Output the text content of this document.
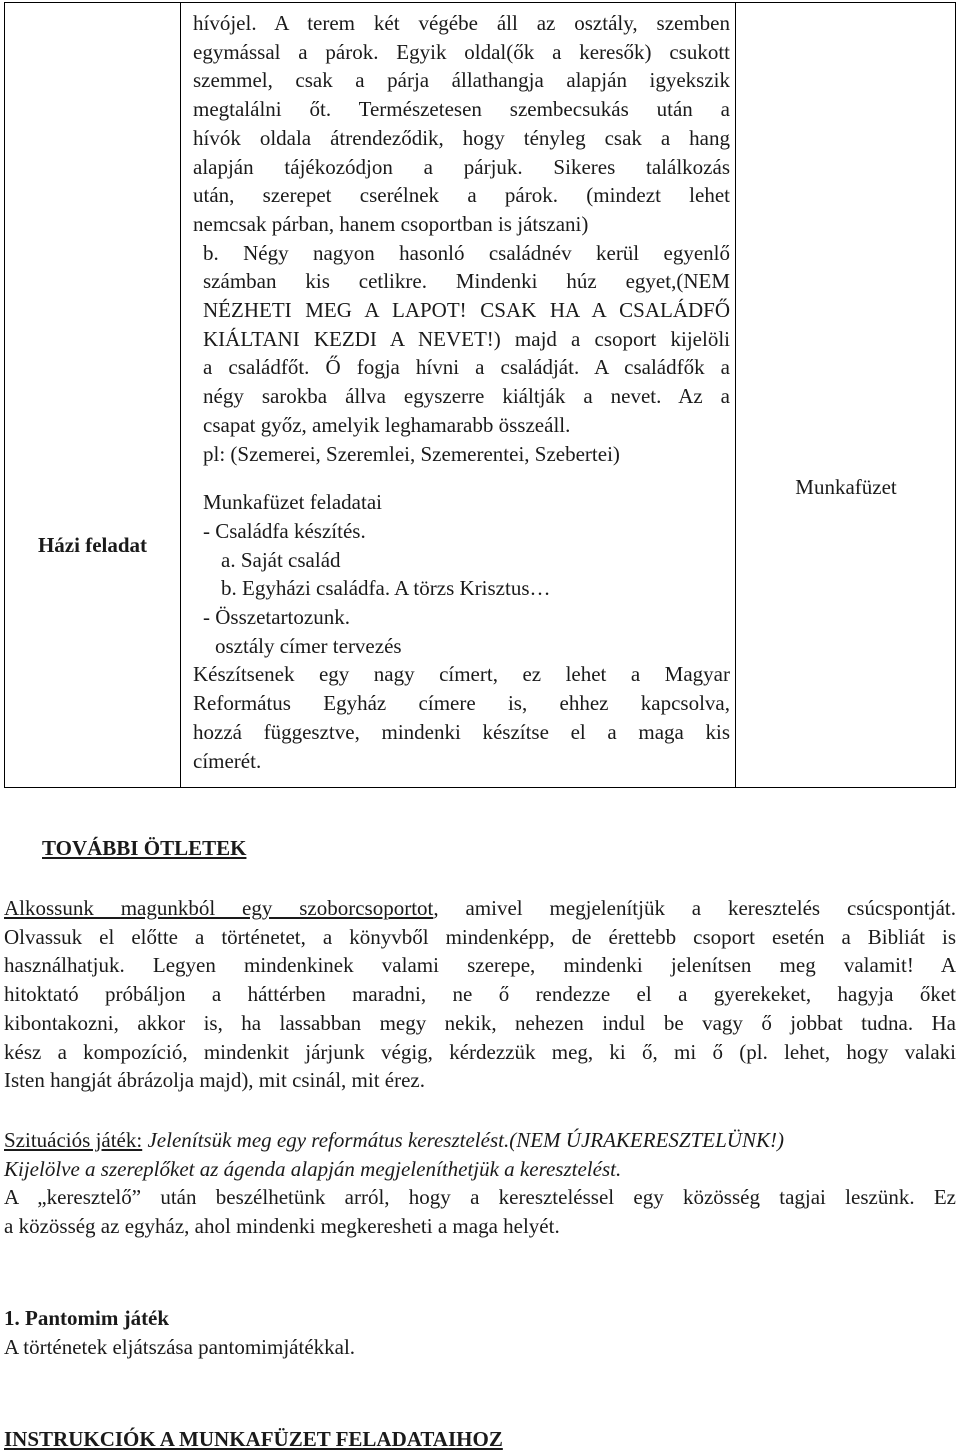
Házi feladat
hívójel. A terem két végébe áll az osztály, szemben
egymással a párok. Egyik oldal(ők a keresők) csukott
szemmel, csak a párja állathangja alapján igyekszik
megtalálni őt. Természetesen szembecsukás után a
hívók oldala átrendeződik, hogy tényleg csak a hang
alapján tájékozódjon a párjuk. Sikeres találkozás
után, szerepet cserélnek a párok. (mindezt lehet
nemcsak párban, hanem csoportban is játszani)
b. Négy nagyon hasonló családnév kerül egyenlő
számban kis cetlikre. Mindenki húz egyet,(NEM
NÉZHETI MEG A LAPOT! CSAK HA A CSALÁDFŐ
KIÁLTANI KEZDI A NEVET!) majd a csoport kijelöli
a családfőt. Ő fogja hívni a családját. A családfők a
négy sarokba állva egyszerre kiáltják a nevet. Az a
csapat győz, amelyik leghamarabb összeáll.
pl: (Szemerei, Szeremlei, Szemerentei, Szebertei)
Munkafüzet feladatai
- Családfa készítés.
a. Saját család
b. Egyházi családfa. A törzs Krisztus…
- Összetartozunk.
osztály címer tervezés
Készítsenek egy nagy címert, ez lehet a Magyar
Református Egyház címere is, ehhez kapcsolva,
hozzá függesztve, mindenki készítse el a maga kis
címerét.
Munkafüzet
TOVÁBBI ÖTLETEK
Alkossunk magunkból egy szoborcsoportot, amivel megjelenítjük a keresztelés csúcspontját.
Olvassuk el előtte a történetet, a könyvből mindenképp, de érettebb csoport esetén a Bibliát is
használhatjuk. Legyen mindenkinek valami szerepe, mindenki jelenítsen meg valamit! A
hitoktató próbáljon a háttérben maradni, ne ő rendezze el a gyerekeket, hagyja őket
kibontakozni, akkor is, ha lassabban megy nekik, nehezen indul be vagy ő jobbat tudna. Ha
kész a kompozíció, mindenkit járjunk végig, kérdezzük meg, ki ő, mi ő (pl. lehet, hogy valaki
Isten hangját ábrázolja majd), mit csinál, mit érez.
Szituációs játék: Jelenítsük meg egy református keresztelést.(NEM ÚJRAKERESZTELÜNK!)
Kijelölve a szereplőket az ágenda alapján megjeleníthetjük a keresztelést.
A „keresztelő” után beszélhetünk arról, hogy a kereszteléssel egy közösség tagjai leszünk. Ez
a közösség az egyház, ahol mindenki megkeresheti a maga helyét.
1. Pantomim játék
A történetek eljátszása pantomimjátékkal.
INSTRUKCIÓK A MUNKAFÜZET FELADATAIHOZ
